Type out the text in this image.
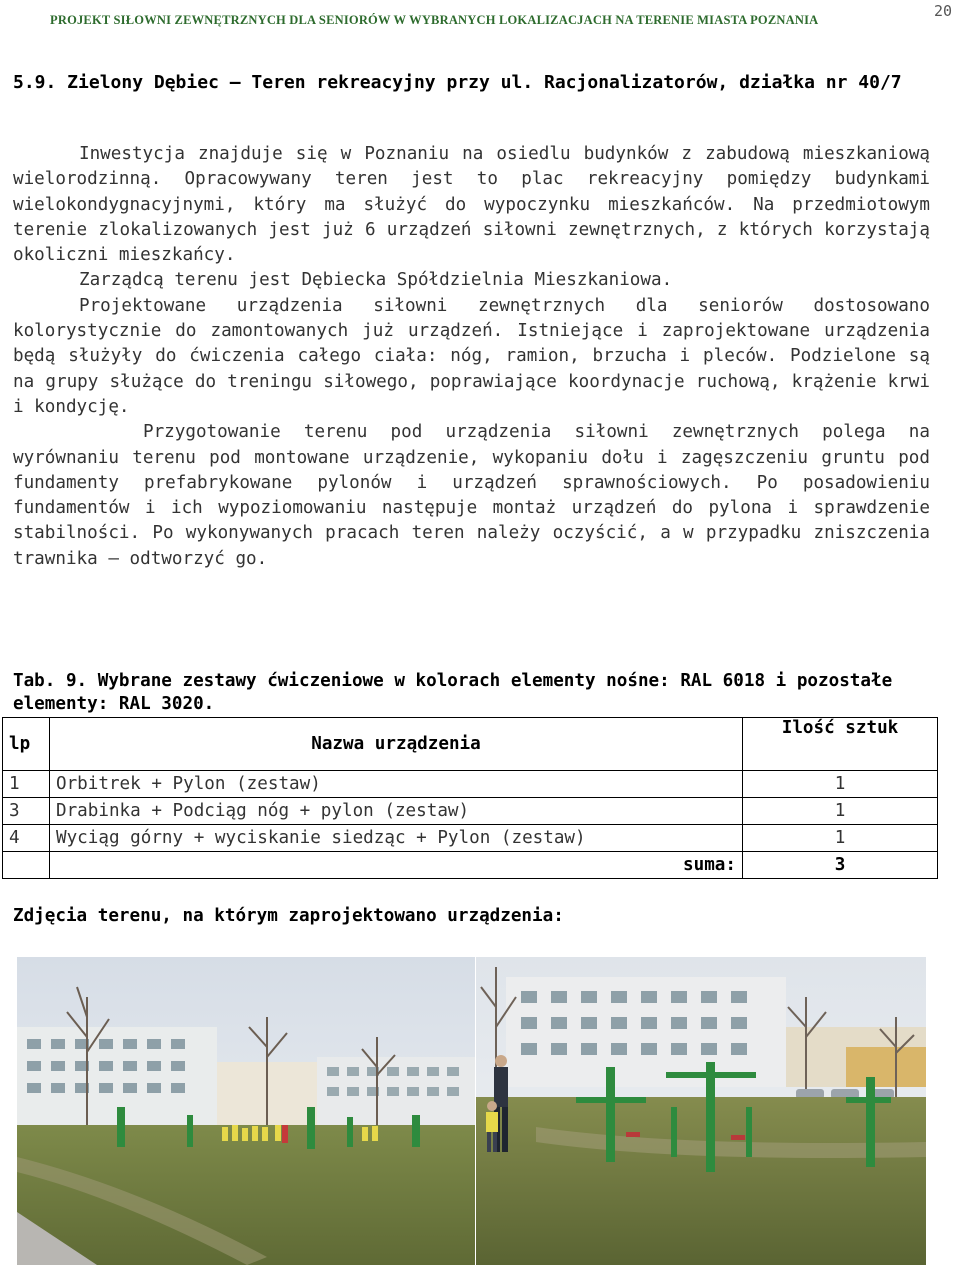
PROJEKT SIŁOWNI ZEWNĘTRZNYCH DLA SENIORÓW W WYBRANYCH LOKALIZACJACH NA TERENIE MIASTA POZNANIA	20
5.9. Zielony Dębiec – Teren rekreacyjny przy ul. Racjonalizatorów, działka nr 40/7

Inwestycja znajduje się w Poznaniu na osiedlu budynków z zabudową mieszkaniową wielorodzinną. Opracowywany teren jest to plac rekreacyjny pomiędzy budynkami wielokondygnacyjnymi, który ma służyć do wypoczynku mieszkańców. Na przedmiotowym terenie zlokalizowanych jest już 6 urządzeń siłowni zewnętrznych, z których korzystają okoliczni mieszkańcy.

Zarządcą terenu jest Dębiecka Spółdzielnia Mieszkaniowa.

Projektowane urządzenia siłowni zewnętrznych dla seniorów dostosowano kolorystycznie do zamontowanych już urządzeń. Istniejące i zaprojektowane urządzenia będą służyły do ćwiczenia całego ciała: nóg, ramion, brzucha i pleców. Podzielone są na grupy służące do treningu siłowego, poprawiające koordynacje ruchową, krążenie krwi i kondycję.

Przygotowanie terenu pod urządzenia siłowni zewnętrznych polega na wyrównaniu terenu pod montowane urządzenie, wykopaniu dołu i zagęszczeniu gruntu pod fundamenty prefabrykowane pylonów i urządzeń sprawnościowych. Po posadowieniu fundamentów i ich wypoziomowaniu następuje montaż urządzeń do pylona i sprawdzenie stabilności. Po wykonywanych pracach teren należy oczyścić, a w przypadku zniszczenia trawnika – odtworzyć go.

Tab. 9. Wybrane zestawy ćwiczeniowe w kolorach elementy nośne: RAL 6018 i pozostałe elementy: RAL 3020.
lp	Nazwa urządzenia	Ilość sztuk
1	Orbitrek + Pylon (zestaw)	1
3	Drabinka + Podciąg nóg + pylon (zestaw)	1
4	Wyciąg górny + wyciskanie siedząc + Pylon (zestaw)	1
	suma:	3
Zdjęcia terenu, na którym zaprojektowano urządzenia:
